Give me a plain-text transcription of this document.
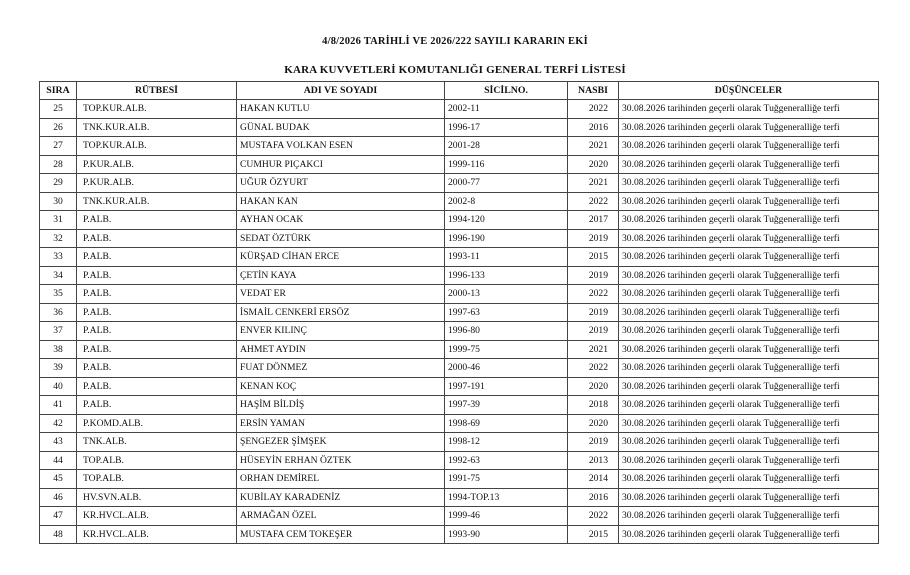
4/8/2026 TARİHLİ VE 2026/222 SAYILI KARARIN EKİ
KARA KUVVETLERİ KOMUTANLIĞI GENERAL TERFİ LİSTESİ
SIRA	RÜTBESİ	ADI VE SOYADI	SİCİLNO.	NASBI	DÜŞÜNCELER
25	TOP.KUR.ALB.	HAKAN KUTLU	2002-11	2022	30.08.2026 tarihinden geçerli olarak Tuğgeneralliğe terfi
26	TNK.KUR.ALB.	GÜNAL BUDAK	1996-17	2016	30.08.2026 tarihinden geçerli olarak Tuğgeneralliğe terfi
27	TOP.KUR.ALB.	MUSTAFA VOLKAN ESEN	2001-28	2021	30.08.2026 tarihinden geçerli olarak Tuğgeneralliğe terfi
28	P.KUR.ALB.	CUMHUR PIÇAKCI	1999-116	2020	30.08.2026 tarihinden geçerli olarak Tuğgeneralliğe terfi
29	P.KUR.ALB.	UĞUR ÖZYURT	2000-77	2021	30.08.2026 tarihinden geçerli olarak Tuğgeneralliğe terfi
30	TNK.KUR.ALB.	HAKAN KAN	2002-8	2022	30.08.2026 tarihinden geçerli olarak Tuğgeneralliğe terfi
31	P.ALB.	AYHAN OCAK	1994-120	2017	30.08.2026 tarihinden geçerli olarak Tuğgeneralliğe terfi
32	P.ALB.	SEDAT ÖZTÜRK	1996-190	2019	30.08.2026 tarihinden geçerli olarak Tuğgeneralliğe terfi
33	P.ALB.	KÜRŞAD CİHAN ERCE	1993-11	2015	30.08.2026 tarihinden geçerli olarak Tuğgeneralliğe terfi
34	P.ALB.	ÇETİN KAYA	1996-133	2019	30.08.2026 tarihinden geçerli olarak Tuğgeneralliğe terfi
35	P.ALB.	VEDAT ER	2000-13	2022	30.08.2026 tarihinden geçerli olarak Tuğgeneralliğe terfi
36	P.ALB.	İSMAİL CENKERİ ERSÖZ	1997-63	2019	30.08.2026 tarihinden geçerli olarak Tuğgeneralliğe terfi
37	P.ALB.	ENVER KILINÇ	1996-80	2019	30.08.2026 tarihinden geçerli olarak Tuğgeneralliğe terfi
38	P.ALB.	AHMET AYDIN	1999-75	2021	30.08.2026 tarihinden geçerli olarak Tuğgeneralliğe terfi
39	P.ALB.	FUAT DÖNMEZ	2000-46	2022	30.08.2026 tarihinden geçerli olarak Tuğgeneralliğe terfi
40	P.ALB.	KENAN KOÇ	1997-191	2020	30.08.2026 tarihinden geçerli olarak Tuğgeneralliğe terfi
41	P.ALB.	HAŞİM BİLDİŞ	1997-39	2018	30.08.2026 tarihinden geçerli olarak Tuğgeneralliğe terfi
42	P.KOMD.ALB.	ERSİN YAMAN	1998-69	2020	30.08.2026 tarihinden geçerli olarak Tuğgeneralliğe terfi
43	TNK.ALB.	ŞENGEZER ŞİMŞEK	1998-12	2019	30.08.2026 tarihinden geçerli olarak Tuğgeneralliğe terfi
44	TOP.ALB.	HÜSEYİN ERHAN ÖZTEK	1992-63	2013	30.08.2026 tarihinden geçerli olarak Tuğgeneralliğe terfi
45	TOP.ALB.	ORHAN DEMİREL	1991-75	2014	30.08.2026 tarihinden geçerli olarak Tuğgeneralliğe terfi
46	HV.SVN.ALB.	KUBİLAY KARADENİZ	1994-TOP.13	2016	30.08.2026 tarihinden geçerli olarak Tuğgeneralliğe terfi
47	KR.HVCL.ALB.	ARMAĞAN ÖZEL	1999-46	2022	30.08.2026 tarihinden geçerli olarak Tuğgeneralliğe terfi
48	KR.HVCL.ALB.	MUSTAFA CEM TOKEŞER	1993-90	2015	30.08.2026 tarihinden geçerli olarak Tuğgeneralliğe terfi
